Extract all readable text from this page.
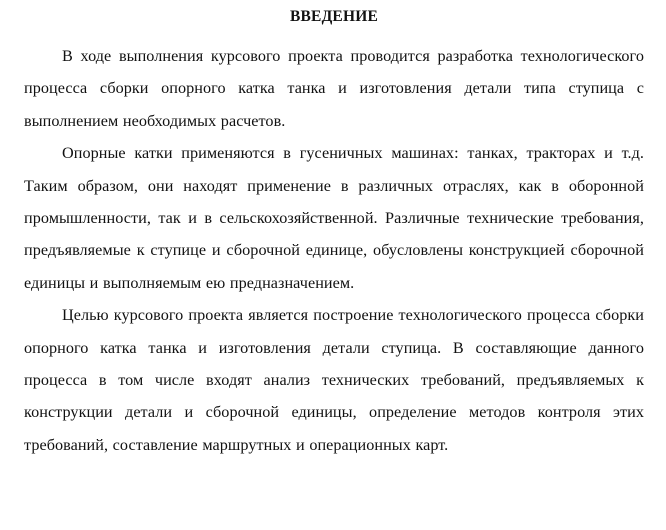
ВВЕДЕНИЕ

В ходе выполнения курсового проекта проводится разработка технологического процесса сборки опорного катка танка и изготовления детали типа ступица с выполнением необходимых расчетов.

Опорные катки применяются в гусеничных машинах: танках, тракторах и т.д. Таким образом, они находят применение в различных отраслях, как в оборонной промышленности, так и в сельскохозяйственной. Различные технические требования, предъявляемые к ступице и сборочной единице, обусловлены конструкцией сборочной единицы и выполняемым ею предназначением.

Целью курсового проекта является построение технологического процесса сборки опорного катка танка и изготовления детали ступица. В составляющие данного процесса в том числе входят анализ технических требований, предъявляемых к конструкции детали и сборочной единицы, определение методов контроля этих требований, составление маршрутных и операционных карт.
